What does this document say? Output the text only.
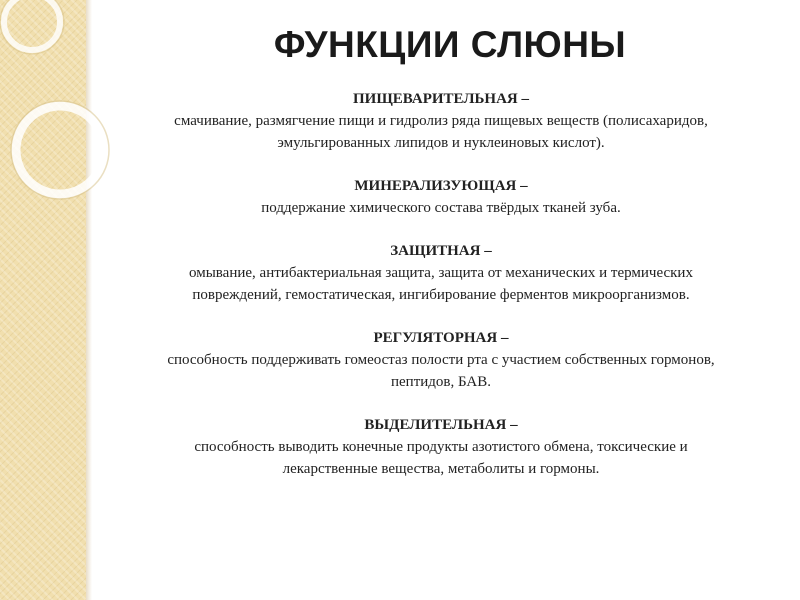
ФУНКЦИИ СЛЮНЫ
ПИЩЕВАРИТЕЛЬНАЯ –
смачивание, размягчение пищи и гидролиз ряда пищевых веществ (полисахаридов,
эмульгированных липидов и нуклеиновых кислот).
МИНЕРАЛИЗУЮЩАЯ –
поддержание химического состава твёрдых тканей зуба.
ЗАЩИТНАЯ –
омывание, антибактериальная защита, защита от механических и термических
повреждений, гемостатическая, ингибирование ферментов микроорганизмов.
РЕГУЛЯТОРНАЯ –
способность поддерживать гомеостаз полости рта с участием собственных гормонов,
пептидов, БАВ.
ВЫДЕЛИТЕЛЬНАЯ –
способность выводить конечные продукты азотистого обмена, токсические и
лекарственные вещества, метаболиты и гормоны.
